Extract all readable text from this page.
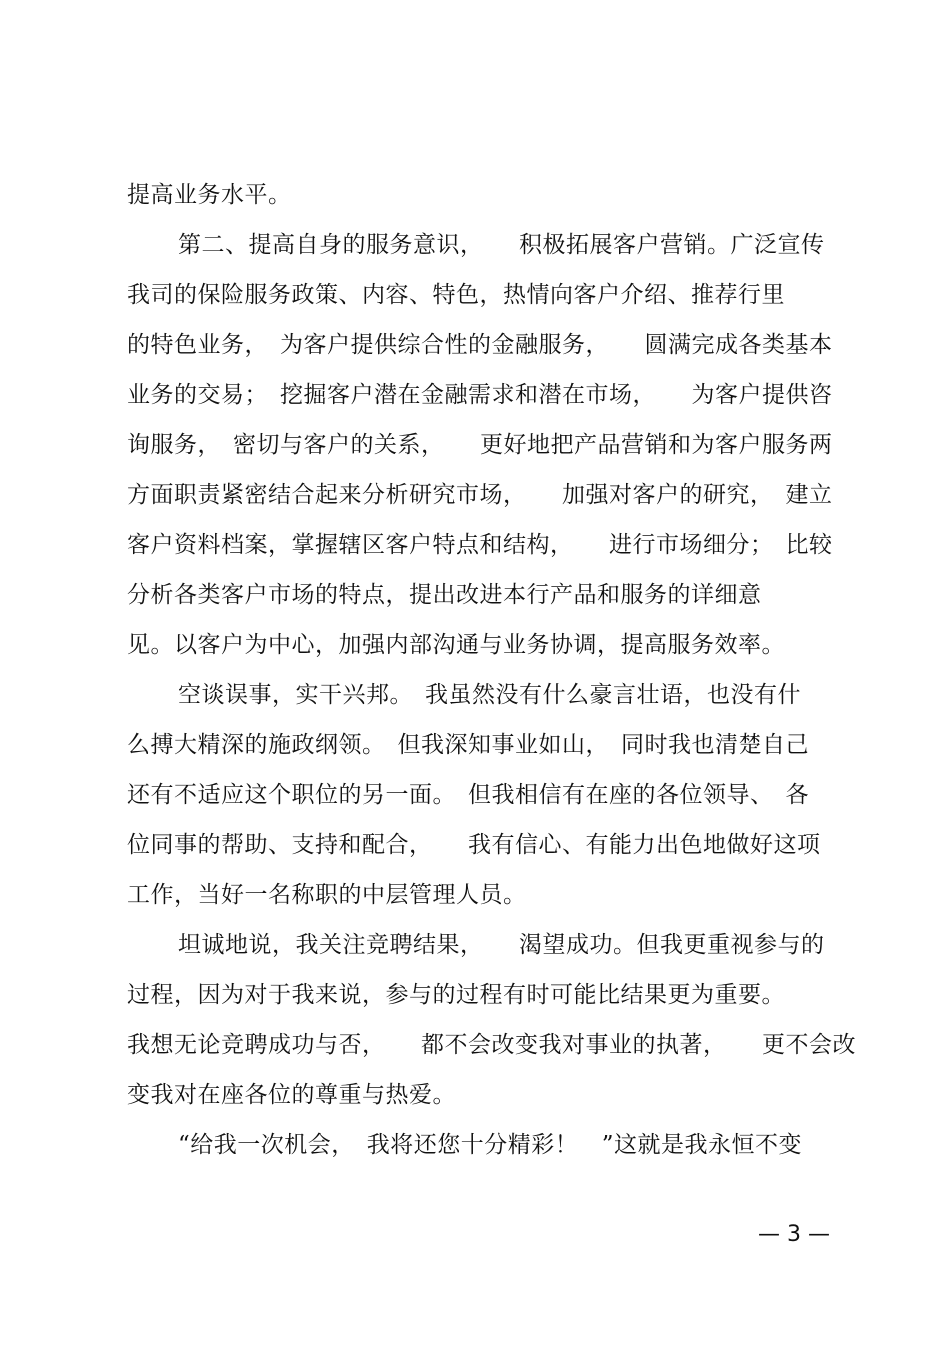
提高业务水平。
第二、提高自身的服务意识，　　积极拓展客户营销。广泛宣传
我司的保险服务政策、内容、特色，热情向客户介绍、推荐行里
的特色业务，　为客户提供综合性的金融服务，　　圆满完成各类基本
业务的交易；　挖掘客户潜在金融需求和潜在市场，　　为客户提供咨
询服务，　密切与客户的关系，　　更好地把产品营销和为客户服务两
方面职责紧密结合起来分析研究市场，　　加强对客户的研究，　建立
客户资料档案，掌握辖区客户特点和结构，　　进行市场细分；　比较
分析各类客户市场的特点，提出改进本行产品和服务的详细意
见。以客户为中心，加强内部沟通与业务协调，提高服务效率。
空谈误事，实干兴邦。　我虽然没有什么豪言壮语，也没有什
么搏大精深的施政纲领。　但我深知事业如山，　同时我也清楚自己
还有不适应这个职位的另一面。　但我相信有在座的各位领导、　各
位同事的帮助、支持和配合，　　我有信心、有能力出色地做好这项
工作，当好一名称职的中层管理人员。
坦诚地说，我关注竞聘结果，　　渴望成功。但我更重视参与的
过程，因为对于我来说，参与的过程有时可能比结果更为重要。
我想无论竞聘成功与否，　　都不会改变我对事业的执著，　　更不会改
变我对在座各位的尊重与热爱。
“给我一次机会，　我将还您十分精彩！　”这就是我永恒不变
— 3 —
